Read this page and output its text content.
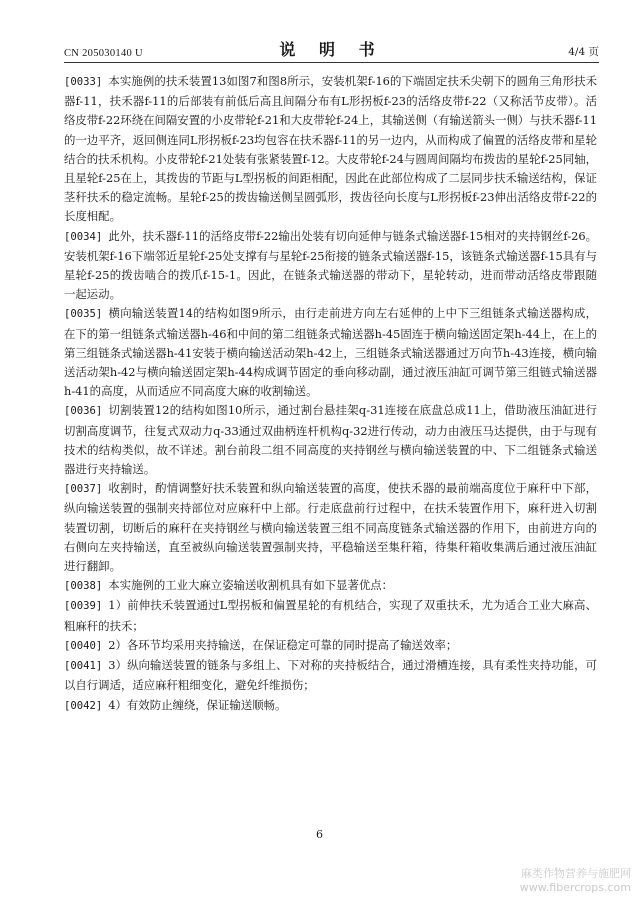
CN 205030140 U	说 明 书	4/4 页

[0033] 本实施例的扶禾装置13如图7和图8所示，安装机架f-16的下端固定扶禾尖朝下的圆角三角形扶禾器f-11，扶禾器f-11的后部装有前低后高且间隔分布有L形拐板f-23的活络皮带f-22（又称活节皮带）。活络皮带f-22环绕在间隔安置的小皮带轮f-21和大皮带轮f-24上，其输送侧（有输送箭头一侧）与扶禾器f-11的一边平齐，返回侧连同L形拐板f-23均包容在扶禾器f-11的另一边内，从而构成了偏置的活络皮带和星轮结合的扶禾机构。小皮带轮f-21处装有张紧装置f-12。大皮带轮f-24与圆周间隔均布拨齿的星轮f-25同轴，且星轮f-25在上，其拨齿的节距与L型拐板的间距相配，因此在此部位构成了二层同步扶禾输送结构，保证茎秆扶禾的稳定流畅。星轮f-25的拨齿输送侧呈圆弧形，拨齿径向长度与L形拐板f-23伸出活络皮带f-22的长度相配。

[0034] 此外，扶禾器f-11的活络皮带f-22输出处装有切向延伸与链条式输送器f-15相对的夹持钢丝f-26。安装机架f-16下端邻近星轮f-25处支撑有与星轮f-25衔接的链条式输送器f-15，该链条式输送器f-15具有与星轮f-25的拨齿啮合的拨爪f-15-1。因此，在链条式输送器的带动下，星轮转动，进而带动活络皮带跟随一起运动。

[0035] 横向输送装置14的结构如图9所示，由行走前进方向左右延伸的上中下三组链条式输送器构成，在下的第一组链条式输送器h-46和中间的第二组链条式输送器h-45固连于横向输送固定架h-44上，在上的第三组链条式输送器h-41安装于横向输送活动架h-42上，三组链条式输送器通过万向节h-43连接，横向输送活动架h-42与横向输送固定架h-44构成调节固定的垂向移动副，通过液压油缸可调节第三组链式输送器h-41的高度，从而适应不同高度大麻的收割输送。

[0036] 切割装置12的结构如图10所示，通过割台悬挂架q-31连接在底盘总成11上，借助液压油缸进行切割高度调节，往复式双动力q-33通过双曲柄连杆机构q-32进行传动，动力由液压马达提供，由于与现有技术的结构类似，故不详述。割台前段二组不同高度的夹持钢丝与横向输送装置的中、下二组链条式输送器进行夹持输送。

[0037] 收割时，酌情调整好扶禾装置和纵向输送装置的高度，使扶禾器的最前端高度位于麻秆中下部，纵向输送装置的强制夹持部位对应麻秆中上部。行走底盘前行过程中，在扶禾装置作用下，麻秆进入切割装置切割，切断后的麻秆在夹持钢丝与横向输送装置三组不同高度链条式输送器的作用下，由前进方向的右侧向左夹持输送，直至被纵向输送装置强制夹持，平稳输送至集秆箱，待集秆箱收集满后通过液压油缸进行翻卸。

[0038] 本实施例的工业大麻立姿输送收割机具有如下显著优点：

[0039] 1）前伸扶禾装置通过L型拐板和偏置星轮的有机结合，实现了双重扶禾，尤为适合工业大麻高、粗麻秆的扶禾；

[0040] 2）各环节均采用夹持输送，在保证稳定可靠的同时提高了输送效率；

[0041] 3）纵向输送装置的链条与多组上、下对称的夹持板结合，通过滑槽连接，具有柔性夹持功能，可以自行调适，适应麻秆粗细变化，避免纤维损伤；

[0042] 4）有效防止缠绕，保证输送顺畅。

6
麻类作物营养与施肥网
www.fibercrops.com
